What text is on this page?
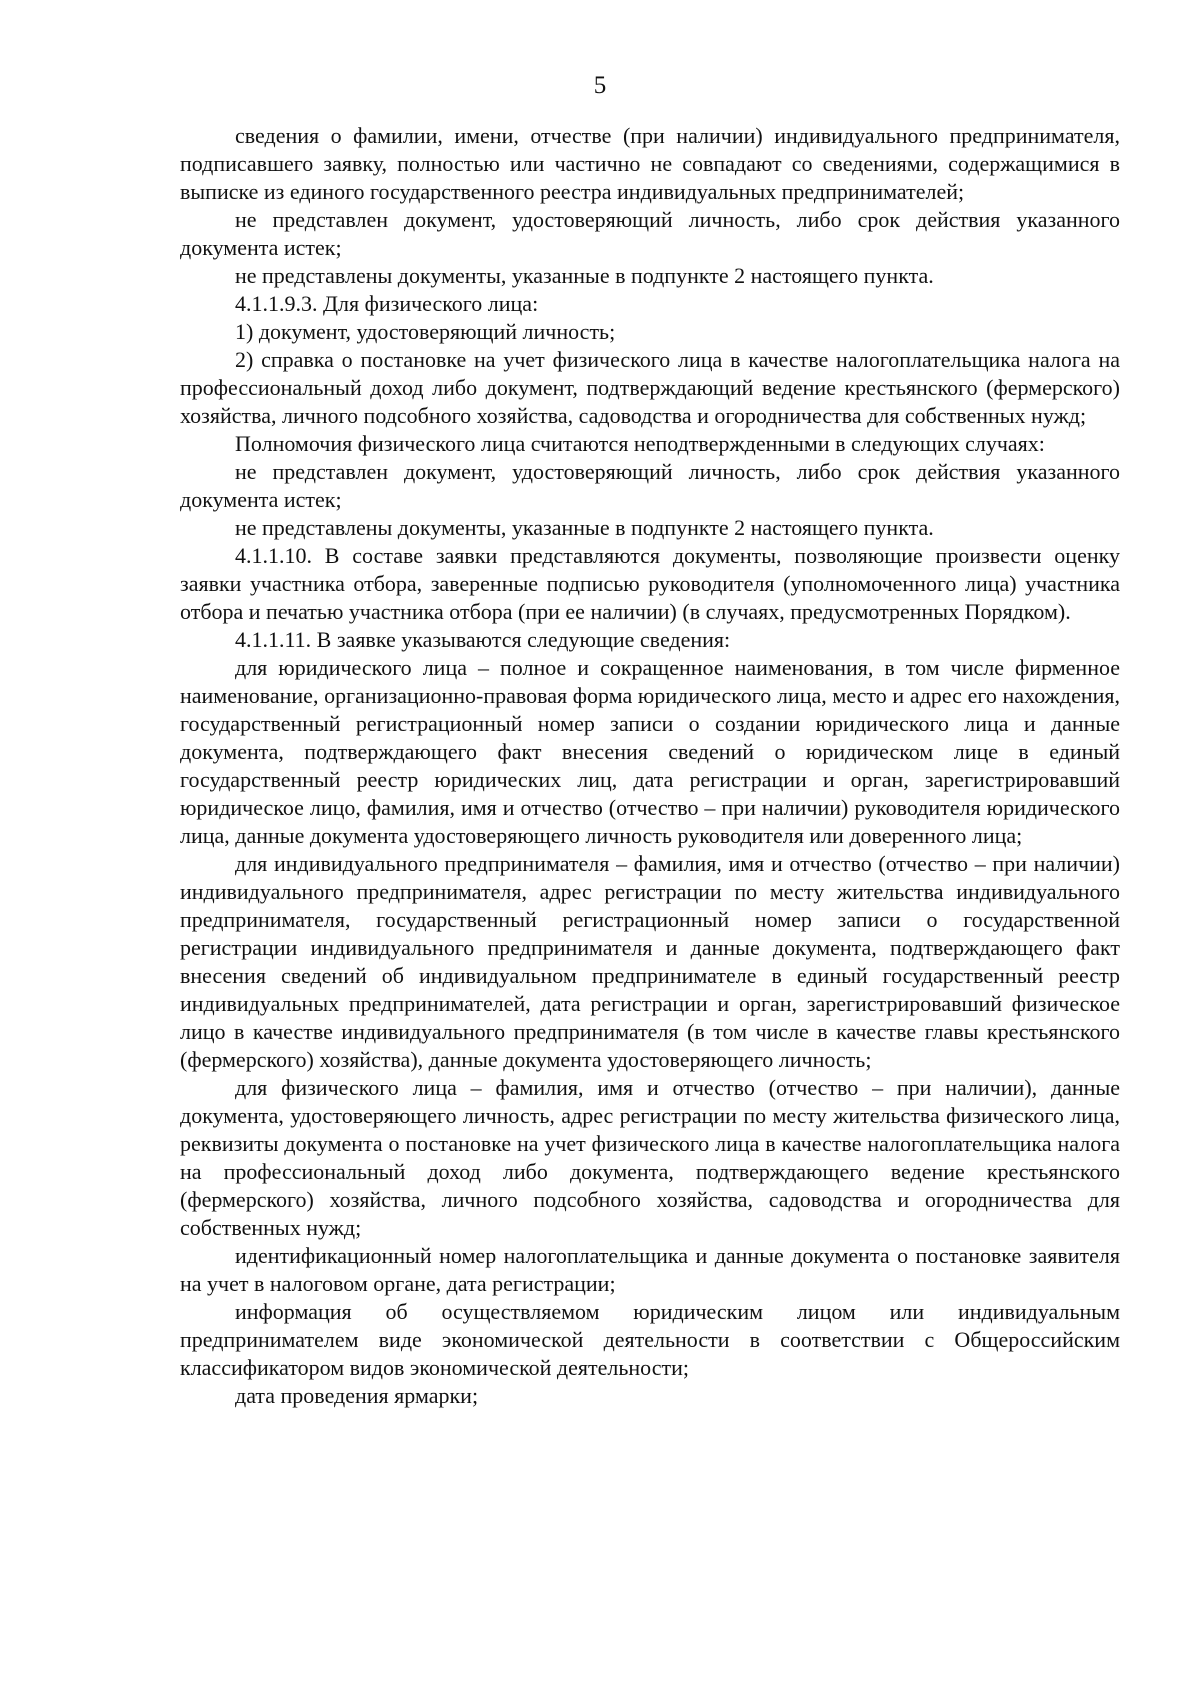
5

сведения о фамилии, имени, отчестве (при наличии) индивидуального предпринимателя, подписавшего заявку, полностью или частично не совпадают со сведениями, содержащимися в выписке из единого государственного реестра индивидуальных предпринимателей;

не представлен документ, удостоверяющий личность, либо срок действия указанного документа истек;

не представлены документы, указанные в подпункте 2 настоящего пункта.

4.1.1.9.3. Для физического лица:

1) документ, удостоверяющий личность;

2) справка о постановке на учет физического лица в качестве налогоплательщика налога на профессиональный доход либо документ, подтверждающий ведение крестьянского (фермерского) хозяйства, личного подсобного хозяйства, садоводства и огородничества для собственных нужд;

Полномочия физического лица считаются неподтвержденными в следующих случаях:

не представлен документ, удостоверяющий личность, либо срок действия указанного документа истек;

не представлены документы, указанные в подпункте 2 настоящего пункта.

4.1.1.10. В составе заявки представляются документы, позволяющие произвести оценку заявки участника отбора, заверенные подписью руководителя (уполномоченного лица) участника отбора и печатью участника отбора (при ее наличии) (в случаях, предусмотренных Порядком).

4.1.1.11. В заявке указываются следующие сведения:

для юридического лица – полное и сокращенное наименования, в том числе фирменное наименование, организационно-правовая форма юридического лица, место и адрес его нахождения, государственный регистрационный номер записи о создании юридического лица и данные документа, подтверждающего факт внесения сведений о юридическом лице в единый государственный реестр юридических лиц, дата регистрации и орган, зарегистрировавший юридическое лицо, фамилия, имя и отчество (отчество – при наличии) руководителя юридического лица, данные документа удостоверяющего личность руководителя или доверенного лица;

для индивидуального предпринимателя – фамилия, имя и отчество (отчество – при наличии) индивидуального предпринимателя, адрес регистрации по месту жительства индивидуального предпринимателя, государственный регистрационный номер записи о государственной регистрации индивидуального предпринимателя и данные документа, подтверждающего факт внесения сведений об индивидуальном предпринимателе в единый государственный реестр индивидуальных предпринимателей, дата регистрации и орган, зарегистрировавший физическое лицо в качестве индивидуального предпринимателя (в том числе в качестве главы крестьянского (фермерского) хозяйства), данные документа удостоверяющего личность;

для физического лица – фамилия, имя и отчество (отчество – при наличии), данные документа, удостоверяющего личность, адрес регистрации по месту жительства физического лица, реквизиты документа о постановке на учет физического лица в качестве налогоплательщика налога на профессиональный доход либо документа, подтверждающего ведение крестьянского (фермерского) хозяйства, личного подсобного хозяйства, садоводства и огородничества для собственных нужд;

идентификационный номер налогоплательщика и данные документа о постановке заявителя на учет в налоговом органе, дата регистрации;

информация об осуществляемом юридическим лицом или индивидуальным предпринимателем виде экономической деятельности в соответствии с Общероссийским классификатором видов экономической деятельности;

дата проведения ярмарки;
